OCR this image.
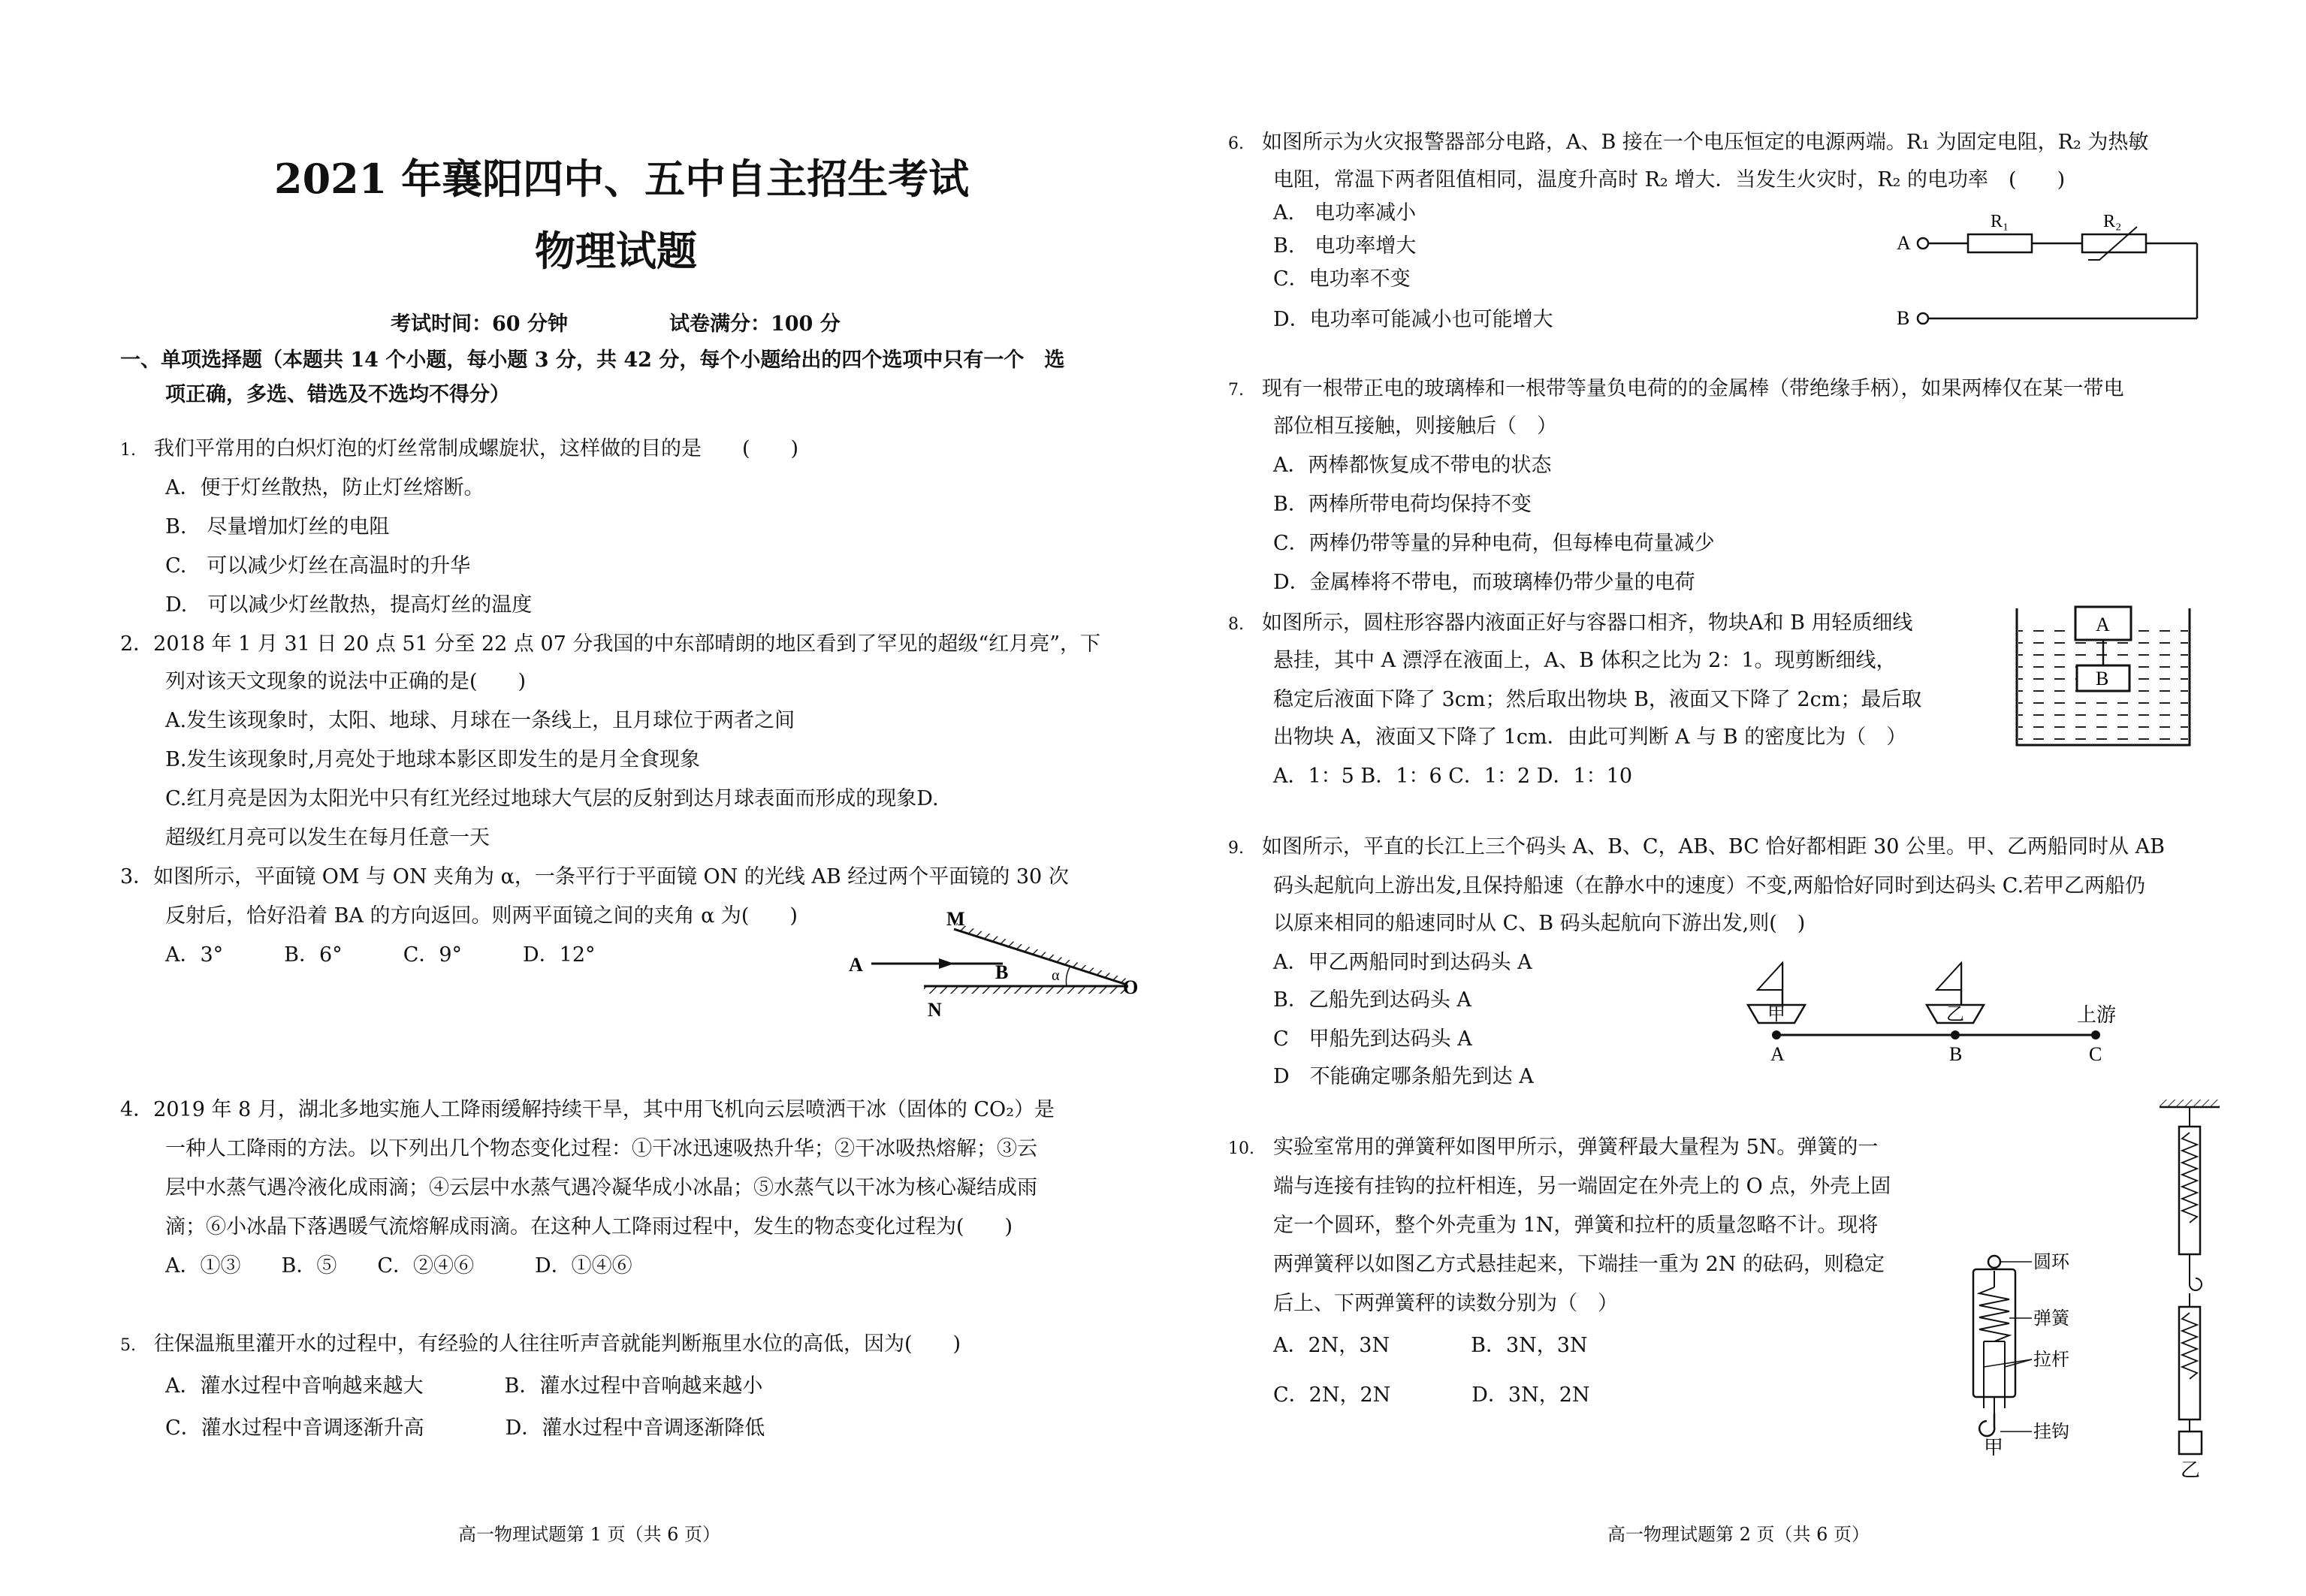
2021 年襄阳四中、五中自主招生考试
物理试题
考试时间：60 分钟　　　　　试卷满分：100 分
一、单项选择题（本题共 14 个小题，每小题 3 分，共 42 分，每个小题给出的四个选项中只有一个　选
项正确，多选、错选及不选均不得分）
1. 我们平常用的白炽灯泡的灯丝常制成螺旋状，这样做的目的是　　(　　)
A．便于灯丝散热，防止灯丝熔断。
B.　尽量增加灯丝的电阻
C.　可以减少灯丝在高温时的升华
D.　可以减少灯丝散热，提高灯丝的温度
2．2018 年 1 月 31 日 20 点 51 分至 22 点 07 分我国的中东部晴朗的地区看到了罕见的超级“红月亮”，下
列对该天文现象的说法中正确的是(　　)
A.发生该现象时，太阳、地球、月球在一条线上，且月球位于两者之间
B.发生该现象时,月亮处于地球本影区即发生的是月全食现象
C.红月亮是因为太阳光中只有红光经过地球大气层的反射到达月球表面而形成的现象D.
超级红月亮可以发生在每月任意一天
3．如图所示，平面镜 OM 与 ON 夹角为 α，一条平行于平面镜 ON 的光线 AB 经过两个平面镜的 30 次
反射后，恰好沿着 BA 的方向返回。则两平面镜之间的夹角 α 为(　　)
A．3°　　　B．6°　　　C．9°　　　D．12°
M
N
A	B
O
α
4．2019 年 8 月，湖北多地实施人工降雨缓解持续干旱，其中用飞机向云层喷洒干冰（固体的 CO₂）是
一种人工降雨的方法。以下列出几个物态变化过程：①干冰迅速吸热升华；②干冰吸热熔解；③云
层中水蒸气遇冷液化成雨滴；④云层中水蒸气遇冷凝华成小冰晶；⑤水蒸气以干冰为核心凝结成雨
滴；⑥小冰晶下落遇暖气流熔解成雨滴。在这种人工降雨过程中，发生的物态变化过程为(　　)
A．①③　　B．⑤　　C．②④⑥　　　D．①④⑥
5. 往保温瓶里灌开水的过程中，有经验的人往往听声音就能判断瓶里水位的高低，因为(　　)
A．灌水过程中音响越来越大　　　　B．灌水过程中音响越来越小
C．灌水过程中音调逐渐升高　　　　D．灌水过程中音调逐渐降低
高一物理试题第 1 页（共 6 页）
6. 如图所示为火灾报警器部分电路，A、B 接在一个电压恒定的电源两端。R₁ 为固定电阻，R₂ 为热敏
电阻，常温下两者阻值相同，温度升高时 R₂ 增大．当发生火灾时，R₂ 的电功率　(　　)
A.　电功率减小
B.　电功率增大
C．电功率不变
D．电功率可能减小也可能增大
A
B
R₁	R₂
7. 现有一根带正电的玻璃棒和一根带等量负电荷的的金属棒（带绝缘手柄），如果两棒仅在某一带电
部位相互接触，则接触后（　）
A．两棒都恢复成不带电的状态
B．两棒所带电荷均保持不变
C．两棒仍带等量的异种电荷，但每棒电荷量减少
D．金属棒将不带电，而玻璃棒仍带少量的电荷
8. 如图所示，圆柱形容器内液面正好与容器口相齐，物块A和 B 用轻质细线
悬挂，其中 A 漂浮在液面上，A、B 体积之比为 2：1。现剪断细线，
稳定后液面下降了 3cm；然后取出物块 B，液面又下降了 2cm；最后取
出物块 A，液面又下降了 1cm．由此可判断 A 与 B 的密度比为（　）
A．1：5 B．1：6 C．1：2 D．1：10
A
B
9. 如图所示，平直的长江上三个码头 A、B、C，AB、BC 恰好都相距 30 公里。甲、乙两船同时从 AB
码头起航向上游出发,且保持船速（在静水中的速度）不变,两船恰好同时到达码头 C.若甲乙两船仍
以原来相同的船速同时从 C、B 码头起航向下游出发,则(　)
A．甲乙两船同时到达码头 A
B．乙船先到达码头 A
C　甲船先到达码头 A
D　不能确定哪条船先到达 A
甲	乙	上游
A	B	C
10. 实验室常用的弹簧秤如图甲所示，弹簧秤最大量程为 5N。弹簧的一
端与连接有挂钩的拉杆相连，另一端固定在外壳上的 O 点，外壳上固
定一个圆环，整个外壳重为 1N，弹簧和拉杆的质量忽略不计。现将
两弹簧秤以如图乙方式悬挂起来，下端挂一重为 2N 的砝码，则稳定
后上、下两弹簧秤的读数分别为（　）
A．2N，3N　　　　B．3N，3N
C．2N，2N　　　　D．3N，2N
圆环
弹簧
拉杆
挂钩
甲
乙
高一物理试题第 2 页（共 6 页）
